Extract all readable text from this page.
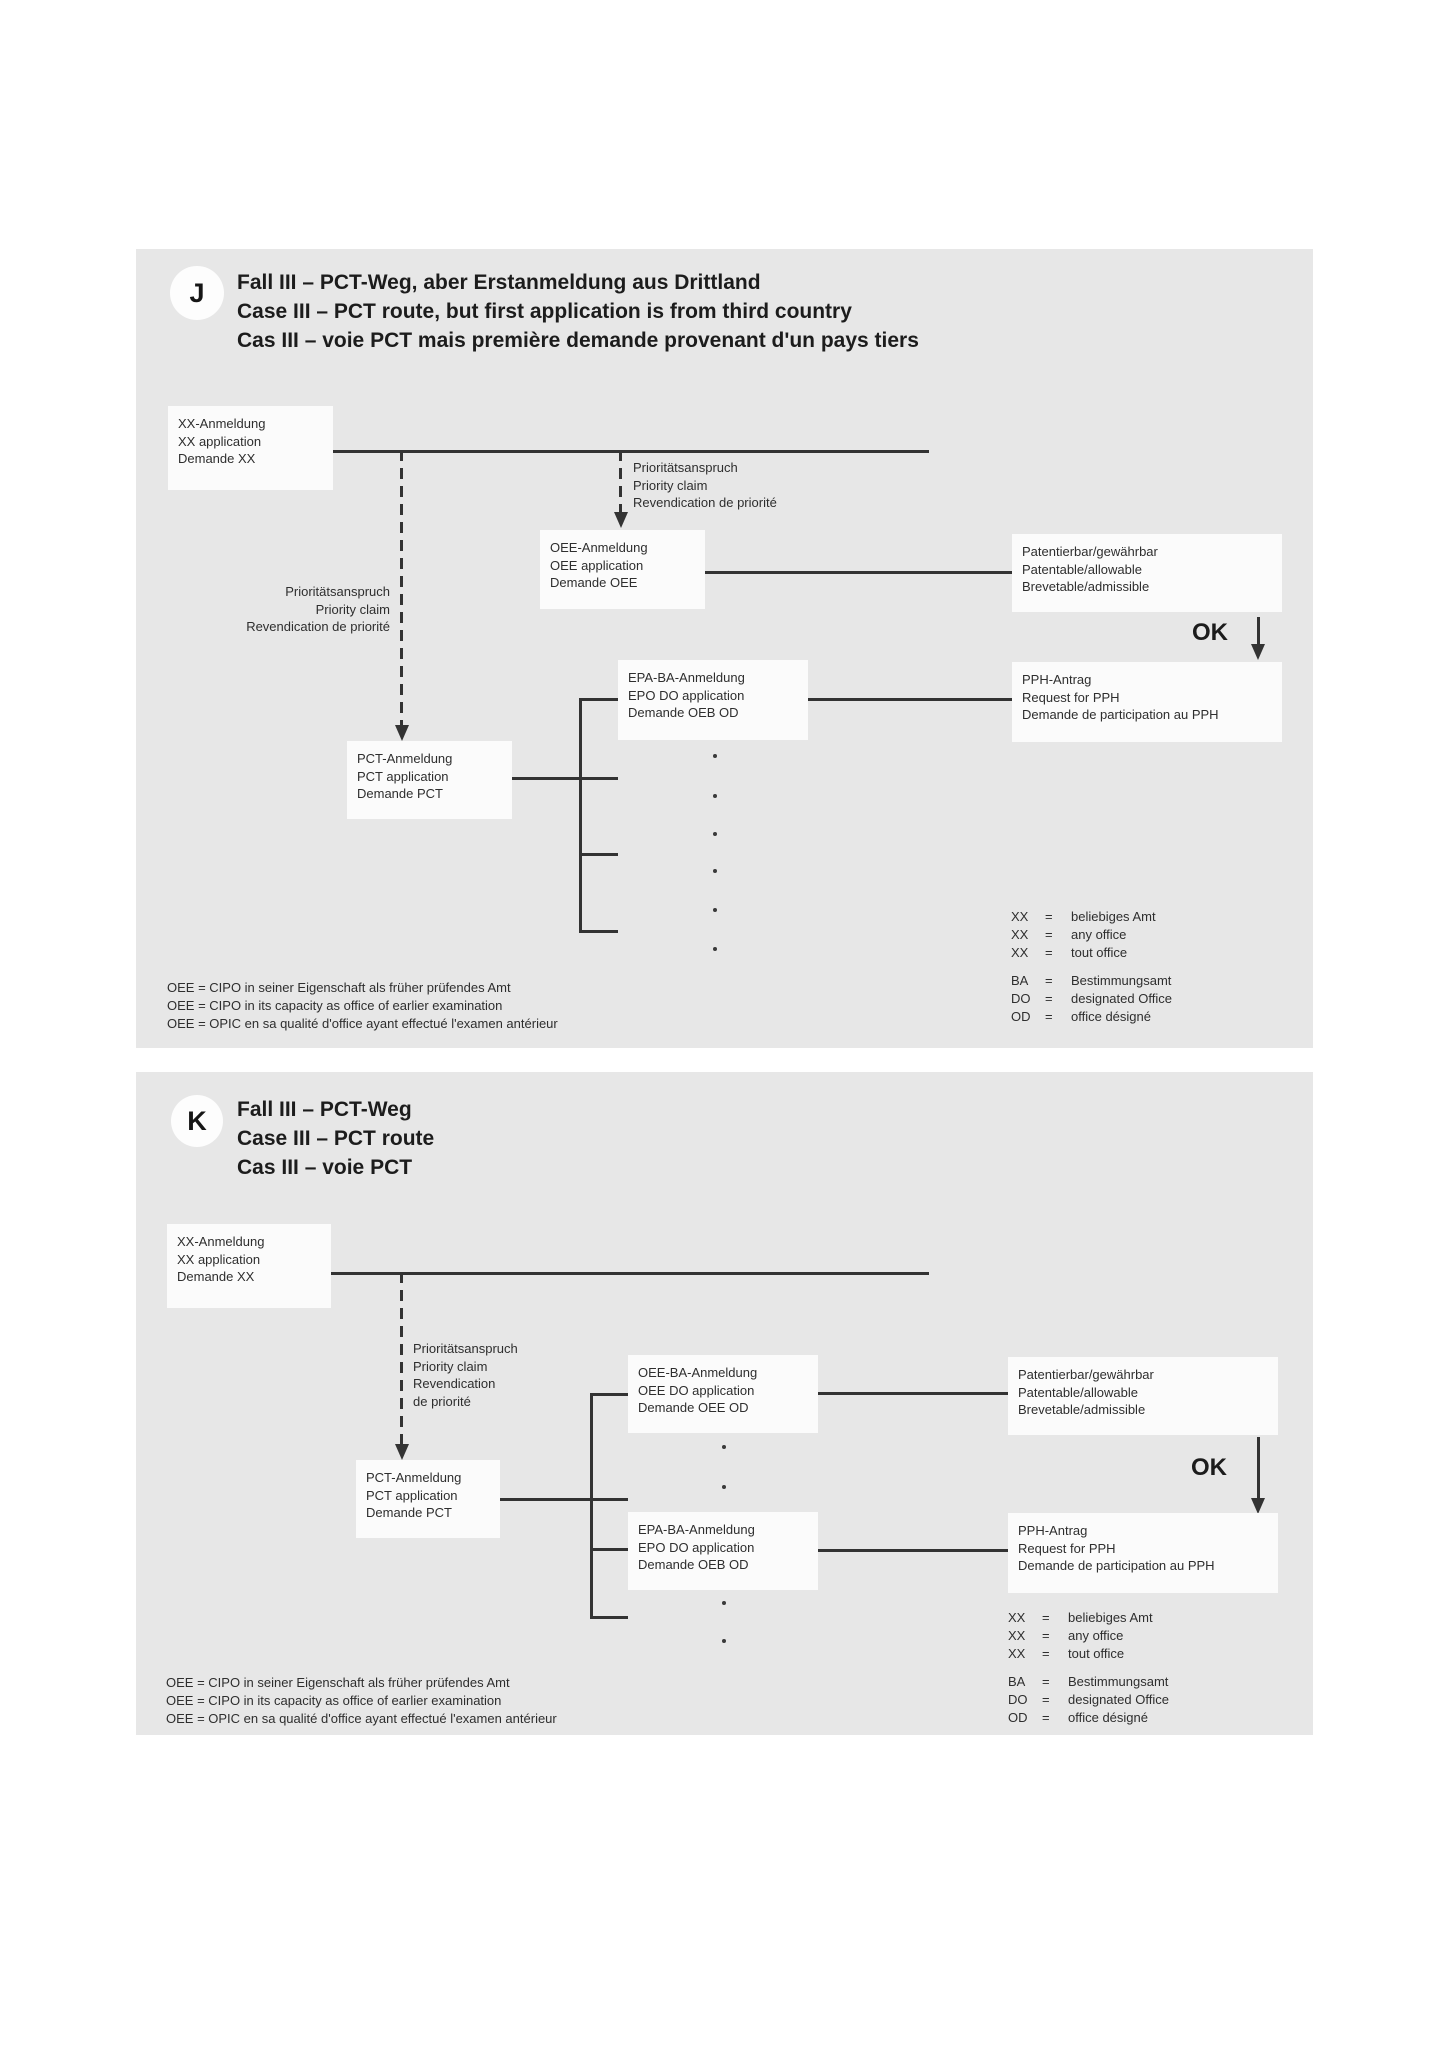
J Fall III – PCT-Weg, aber Erstanmeldung aus Drittland
Case III – PCT route, but first application is from third country
Cas III – voie PCT mais première demande provenant d'un pays tiers
XX-Anmeldung
XX application
Demande XX
Prioritätsanspruch
Priority claim
Revendication de priorité
Prioritätsanspruch
Priority claim
Revendication de priorité
OEE-Anmeldung
OEE application
Demande OEE
Patentierbar/gewährbar
Patentable/allowable
Brevetable/admissible
OK
PPH-Antrag
Request for PPH
Demande de participation au PPH
EPA-BA-Anmeldung
EPO DO application
Demande OEB OD
PCT-Anmeldung
PCT application
Demande PCT
OEE = CIPO in seiner Eigenschaft als früher prüfendes Amt
OEE = CIPO in its capacity as office of earlier examination
OEE = OPIC en sa qualité d'office ayant effectué l'examen antérieur
XX	=	beliebiges Amt
XX	=	any office
XX	=	tout office
BA	=	Bestimmungsamt
DO	=	designated Office
OD	=	office désigné
K Fall III – PCT-Weg
Case III – PCT route
Cas III – voie PCT
XX-Anmeldung
XX application
Demande XX
Prioritätsanspruch
Priority claim
Revendication
de priorité
PCT-Anmeldung
PCT application
Demande PCT
OEE-BA-Anmeldung
OEE DO application
Demande OEE OD
Patentierbar/gewährbar
Patentable/allowable
Brevetable/admissible
OK
EPA-BA-Anmeldung
EPO DO application
Demande OEB OD
PPH-Antrag
Request for PPH
Demande de participation au PPH
OEE = CIPO in seiner Eigenschaft als früher prüfendes Amt
OEE = CIPO in its capacity as office of earlier examination
OEE = OPIC en sa qualité d'office ayant effectué l'examen antérieur
XX	=	beliebiges Amt
XX	=	any office
XX	=	tout office
BA	=	Bestimmungsamt
DO	=	designated Office
OD	=	office désigné
